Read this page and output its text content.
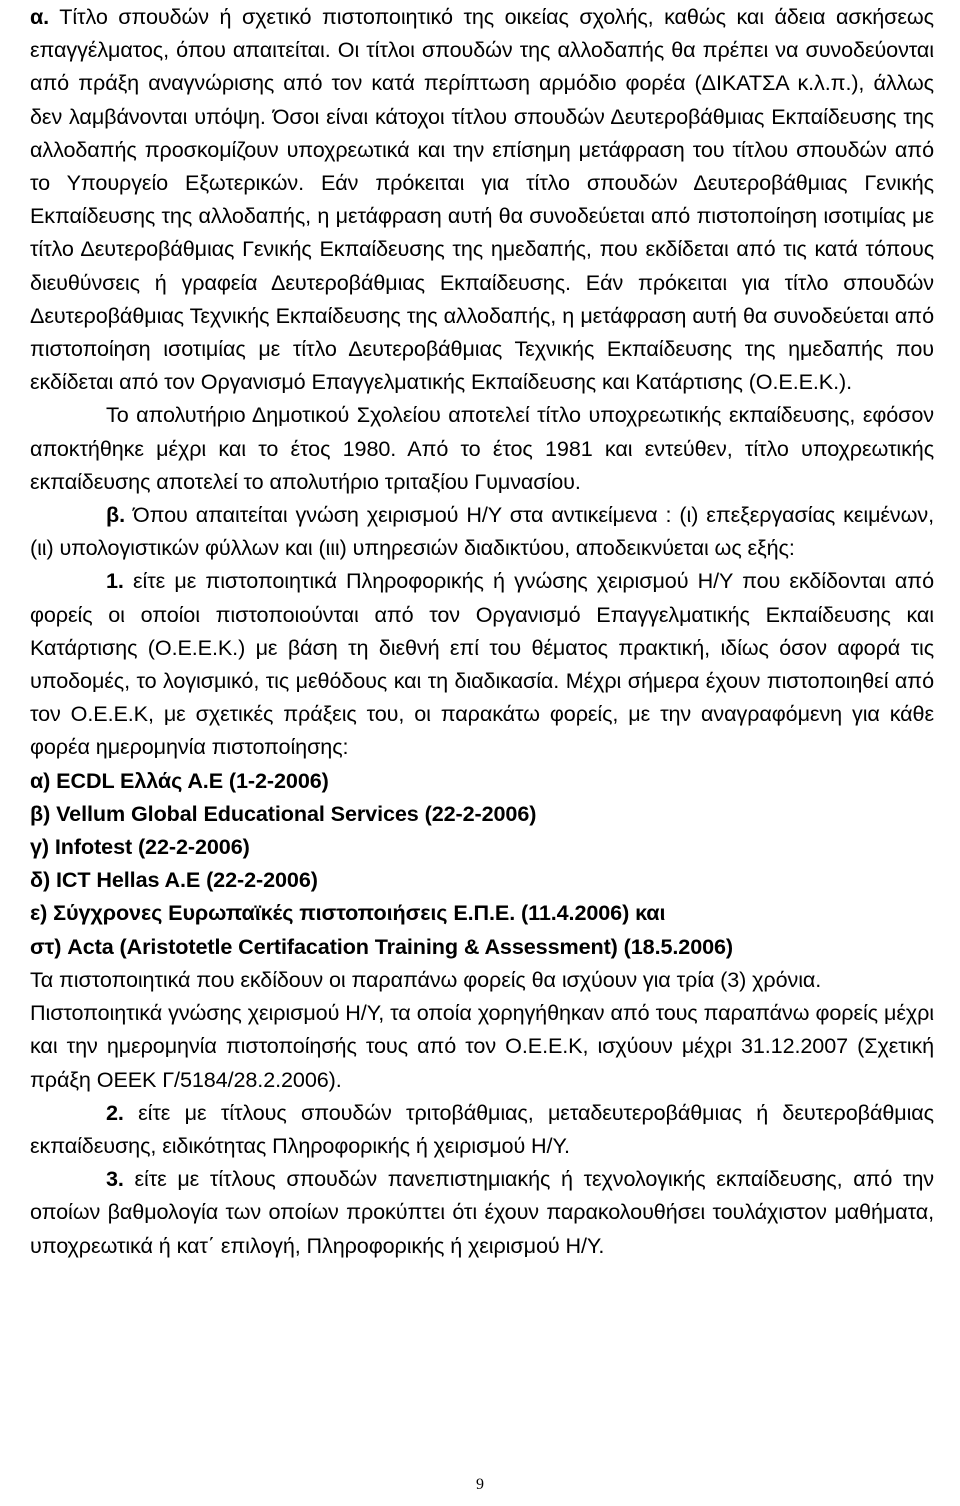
α. Τίτλο σπουδών ή σχετικό πιστοποιητικό της οικείας σχολής, καθώς και άδεια ασκήσεως επαγγέλματος, όπου απαιτείται. Οι τίτλοι σπουδών της αλλοδαπής θα πρέπει να συνοδεύονται από πράξη αναγνώρισης από τον κατά περίπτωση αρμόδιο φορέα (ΔΙΚΑΤΣΑ κ.λ.π.), άλλως δεν λαμβάνονται υπόψη. Όσοι είναι κάτοχοι τίτλου σπουδών Δευτεροβάθμιας Εκπαίδευσης της αλλοδαπής προσκομίζουν υποχρεωτικά και την επίσημη μετάφραση του τίτλου σπουδών από το Υπουργείο Εξωτερικών. Εάν πρόκειται για τίτλο σπουδών Δευτεροβάθμιας Γενικής Εκπαίδευσης της αλλοδαπής, η μετάφραση αυτή θα συνοδεύεται από πιστοποίηση ισοτιμίας με τίτλο Δευτεροβάθμιας Γενικής Εκπαίδευσης της ημεδαπής, που εκδίδεται από τις κατά τόπους διευθύνσεις ή γραφεία Δευτεροβάθμιας Εκπαίδευσης. Εάν πρόκειται για τίτλο σπουδών Δευτεροβάθμιας Τεχνικής Εκπαίδευσης της αλλοδαπής, η μετάφραση αυτή θα συνοδεύεται από πιστοποίηση ισοτιμίας με τίτλο Δευτεροβάθμιας Τεχνικής Εκπαίδευσης της ημεδαπής που εκδίδεται από τον Οργανισμό Επαγγελματικής Εκπαίδευσης και Κατάρτισης (Ο.Ε.Ε.Κ.).

Το απολυτήριο Δημοτικού Σχολείου αποτελεί τίτλο υποχρεωτικής εκπαίδευσης, εφόσον αποκτήθηκε μέχρι και το έτος 1980. Από το έτος 1981 και εντεύθεν, τίτλο υποχρεωτικής εκπαίδευσης αποτελεί το απολυτήριο τριταξίου Γυμνασίου.

β. Όπου απαιτείται γνώση χειρισμού Η/Υ στα αντικείμενα : (ι) επεξεργασίας κειμένων, (ιι) υπολογιστικών φύλλων και (ιιι) υπηρεσιών διαδικτύου, αποδεικνύεται ως εξής:

1. είτε με πιστοποιητικά Πληροφορικής ή γνώσης χειρισμού Η/Υ που εκδίδονται από φορείς οι οποίοι πιστοποιούνται από τον Οργανισμό Επαγγελματικής Εκπαίδευσης και Κατάρτισης (Ο.Ε.Ε.Κ.) με βάση τη διεθνή επί του θέματος πρακτική, ιδίως όσον αφορά τις υποδομές, το λογισμικό, τις μεθόδους και τη διαδικασία. Μέχρι σήμερα έχουν πιστοποιηθεί από τον Ο.Ε.Ε.Κ, με σχετικές πράξεις του, οι παρακάτω φορείς, με την αναγραφόμενη για κάθε φορέα ημερομηνία πιστοποίησης:

α) ECDL Ελλάς Α.Ε (1-2-2006)
β) Vellum Global Educational Services (22-2-2006)
γ) Infotest (22-2-2006)
δ) ICT Hellas A.E (22-2-2006)
ε) Σύγχρονες Ευρωπαϊκές πιστοποιήσεις Ε.Π.Ε. (11.4.2006) και
στ) Acta (Aristotetle Certifacation Training & Assessment) (18.5.2006)

Τα πιστοποιητικά που εκδίδουν οι παραπάνω φορείς θα ισχύουν για τρία (3) χρόνια.

Πιστοποιητικά γνώσης χειρισμού Η/Υ, τα οποία χορηγήθηκαν από τους παραπάνω φορείς μέχρι και την ημερομηνία πιστοποίησής τους από τον Ο.Ε.Ε.Κ, ισχύουν μέχρι 31.12.2007 (Σχετική πράξη ΟΕΕΚ Γ/5184/28.2.2006).

2. είτε με τίτλους σπουδών τριτοβάθμιας, μεταδευτεροβάθμιας ή δευτεροβάθμιας εκπαίδευσης, ειδικότητας Πληροφορικής ή χειρισμού Η/Υ.

3. είτε με τίτλους σπουδών πανεπιστημιακής ή τεχνολογικής εκπαίδευσης, από την οποίων βαθμολογία των οποίων προκύπτει ότι έχουν παρακολουθήσει τουλάχιστον μαθήματα, υποχρεωτικά ή κατ΄ επιλογή, Πληροφορικής ή χειρισμού Η/Υ.

9
